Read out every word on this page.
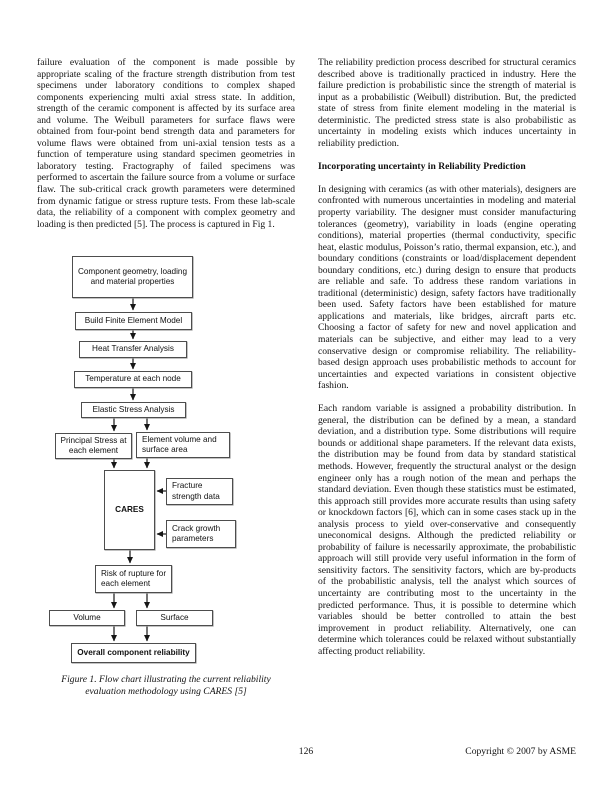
failure evaluation of the component is made possible by appropriate scaling of the fracture strength distribution from test specimens under laboratory conditions to complex shaped components experiencing multi axial stress state. In addition, strength of the ceramic component is affected by its surface area and volume. The Weibull parameters for surface flaws were obtained from four-point bend strength data and parameters for volume flaws were obtained from uni-axial tension tests as a function of temperature using standard specimen geometries in laboratory testing. Fractography of failed specimens was performed to ascertain the failure source from a volume or surface flaw. The sub-critical crack growth parameters were determined from dynamic fatigue or stress rupture tests. From these lab-scale data, the reliability of a component with complex geometry and loading is then predicted [5]. The process is captured in Fig 1.

Component geometry, loading and material properties
Build Finite Element Model
Heat Transfer Analysis
Temperature at each node
Elastic Stress Analysis
Principal Stress at each element
Element volume and surface area
CARES
Fracture strength data
Crack growth parameters
Risk of rupture for each element
Volume	Surface
Overall component reliability
Figure 1. Flow chart illustrating the current reliability
evaluation methodology using CARES [5]

The reliability prediction process described for structural ceramics described above is traditionally practiced in industry. Here the failure prediction is probabilistic since the strength of material is input as a probabilistic (Weibull) distribution. But, the predicted state of stress from finite element modeling in the material is deterministic. The predicted stress state is also probabilistic as uncertainty in modeling exists which induces uncertainty in reliability prediction.

Incorporating uncertainty in Reliability Prediction

In designing with ceramics (as with other materials), designers are confronted with numerous uncertainties in modeling and material property variability. The designer must consider manufacturing tolerances (geometry), variability in loads (engine operating conditions), material properties (thermal conductivity, specific heat, elastic modulus, Poisson’s ratio, thermal expansion, etc.), and boundary conditions (constraints or load/displacement dependent boundary conditions, etc.) during design to ensure that products are reliable and safe. To address these random variations in traditional (deterministic) design, safety factors have traditionally been used. Safety factors have been established for mature applications and materials, like bridges, aircraft parts etc. Choosing a factor of safety for new and novel application and materials can be subjective, and either may lead to a very conservative design or compromise reliability. The reliability-based design approach uses probabilistic methods to account for uncertainties and expected variations in consistent objective fashion.

Each random variable is assigned a probability distribution. In general, the distribution can be defined by a mean, a standard deviation, and a distribution type. Some distributions will require bounds or additional shape parameters. If the relevant data exists, the distribution may be found from data by standard statistical methods. However, frequently the structural analyst or the design engineer only has a rough notion of the mean and perhaps the standard deviation. Even though these statistics must be estimated, this approach still provides more accurate results than using safety or knockdown factors [6], which can in some cases stack up in the analysis process to yield over-conservative and consequently uneconomical designs. Although the predicted reliability or probability of failure is necessarily approximate, the probabilistic approach will still provide very useful information in the form of sensitivity factors. The sensitivity factors, which are by-products of the probabilistic analysis, tell the analyst which sources of uncertainty are contributing most to the uncertainty in the predicted performance. Thus, it is possible to determine which variables should be better controlled to attain the best improvement in product reliability. Alternatively, one can determine which tolerances could be relaxed without substantially affecting product reliability.

126	Copyright © 2007 by ASME
